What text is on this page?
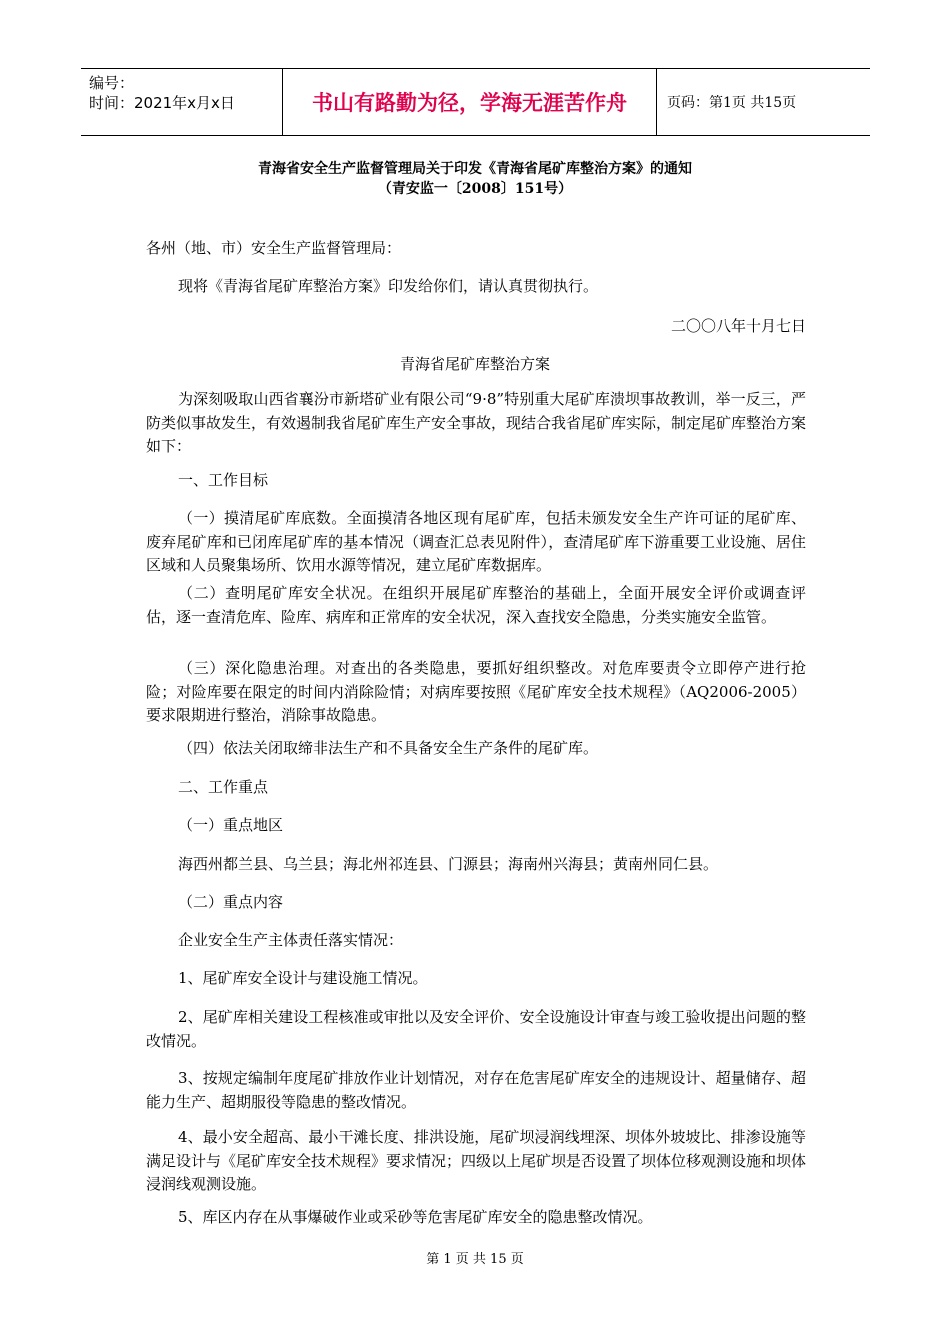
编号：
时间：2021年x月x日	书山有路勤为径，学海无涯苦作舟	页码：第1页 共15页
青海省安全生产监督管理局关于印发《青海省尾矿库整治方案》的通知
（青安监一〔2008〕151号）
各州（地、市）安全生产监督管理局：
现将《青海省尾矿库整治方案》印发给你们，请认真贯彻执行。
二〇〇八年十月七日
青海省尾矿库整治方案
为深刻吸取山西省襄汾市新塔矿业有限公司“9·8”特别重大尾矿库溃坝事故教训，举一反三，严防类似事故发生，有效遏制我省尾矿库生产安全事故，现结合我省尾矿库实际，制定尾矿库整治方案如下：
一、工作目标
（一）摸清尾矿库底数。全面摸清各地区现有尾矿库，包括未颁发安全生产许可证的尾矿库、废弃尾矿库和已闭库尾矿库的基本情况（调查汇总表见附件），查清尾矿库下游重要工业设施、居住区域和人员聚集场所、饮用水源等情况，建立尾矿库数据库。
（二）查明尾矿库安全状况。在组织开展尾矿库整治的基础上，全面开展安全评价或调查评估，逐一查清危库、险库、病库和正常库的安全状况，深入查找安全隐患，分类实施安全监管。
（三）深化隐患治理。对查出的各类隐患，要抓好组织整改。对危库要责令立即停产进行抢险；对险库要在限定的时间内消除险情；对病库要按照《尾矿库安全技术规程》（AQ2006-2005）要求限期进行整治，消除事故隐患。
（四）依法关闭取缔非法生产和不具备安全生产条件的尾矿库。
二、工作重点
（一）重点地区
海西州都兰县、乌兰县；海北州祁连县、门源县；海南州兴海县；黄南州同仁县。
（二）重点内容
企业安全生产主体责任落实情况：
1、尾矿库安全设计与建设施工情况。
2、尾矿库相关建设工程核准或审批以及安全评价、安全设施设计审查与竣工验收提出问题的整改情况。
3、按规定编制年度尾矿排放作业计划情况，对存在危害尾矿库安全的违规设计、超量储存、超能力生产、超期服役等隐患的整改情况。
4、最小安全超高、最小干滩长度、排洪设施，尾矿坝浸润线埋深、坝体外坡坡比、排渗设施等满足设计与《尾矿库安全技术规程》要求情况；四级以上尾矿坝是否设置了坝体位移观测设施和坝体浸润线观测设施。
5、库区内存在从事爆破作业或采砂等危害尾矿库安全的隐患整改情况。
第 1 页 共 15 页
